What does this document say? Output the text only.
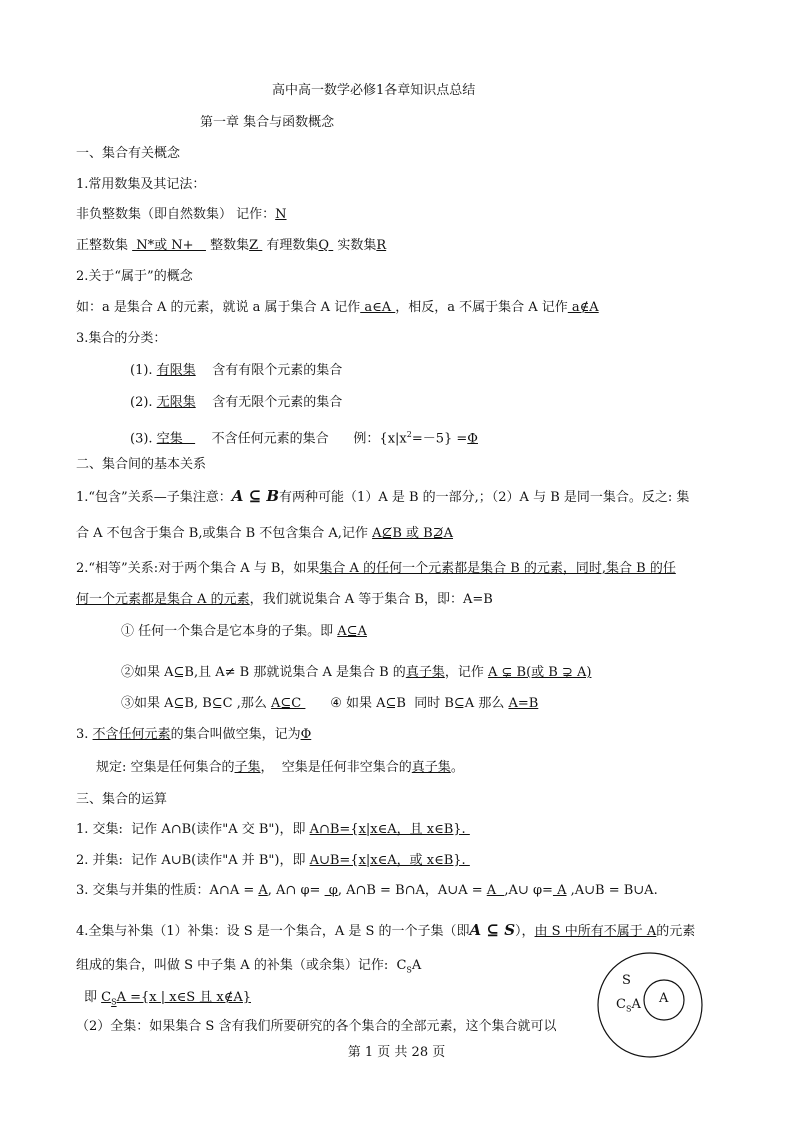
高中高一数学必修1各章知识点总结
第一章 集合与函数概念
一、集合有关概念
1.常用数集及其记法：
非负整数集（即自然数集） 记作：N
正整数集  N*或 N+    整数集Z  有理数集Q  实数集R
2.关于“属于”的概念
如：a 是集合 A 的元素，就说 a 属于集合 A 记作 a∈A ，相反，a 不属于集合 A 记作 a∉A
3.集合的分类：
(1). 有限集    含有有限个元素的集合
(2). 无限集    含有无限个元素的集合
(3). 空集       不含任何元素的集合      例：$\{x|x^2=-5\} =\Phi$
二、集合间的基本关系
1.“包含”关系—子集注意：A ⊆ B有两种可能（1）A 是 B 的一部分,；（2）A 与 B 是同一集合。反之: 集
合 A 不包含于集合 B,或集合 B 不包含集合 A,记作 A⊈B 或 B⊉A
2.“相等”关系:对于两个集合 A 与 B，如果集合 A 的任何一个元素都是集合 B 的元素，同时,集合 B 的任
何一个元素都是集合 A 的元素，我们就说集合 A 等于集合 B，即：A=B
① 任何一个集合是它本身的子集。即 A⊆A
②如果 A⊆B,且 A≠ B 那就说集合 A 是集合 B 的真子集，记作 A ⊊ B(或 B ⊋ A)
③如果 A⊆B, B⊆C ,那么 A⊆C       ④ 如果 A⊆B  同时 B⊆A 那么 A=B
3. 不含任何元素的集合叫做空集，记为Φ
规定: 空集是任何集合的子集，  空集是任何非空集合的真子集。
三、集合的运算
1. 交集:  记作 A∩B(读作"A 交 B")，即 A∩B={x|x∈A，且 x∈B}.
2. 并集:  记作 A∪B(读作"A 并 B")，即 A∪B={x|x∈A，或 x∈B}.
3. 交集与并集的性质：A∩A = A, A∩ φ=  φ, A∩B = B∩A，A∪A = A  ,A∪ φ= A ,A∪B = B∪A.
4.全集与补集（1）补集：设 S 是一个集合，A 是 S 的一个子集（即A ⊆ S），由 S 中所有不属于 A的元素
组成的集合，叫做 S 中子集 A 的补集（或余集）记作:  $C_SA$
即 $C_SA =\{x$ | x∈S 且 x∉A}
（2）全集：如果集合 S 含有我们所要研究的各个集合的全部元素，这个集合就可以
S
$C_SA$ A
第 1 页 共 28 页
